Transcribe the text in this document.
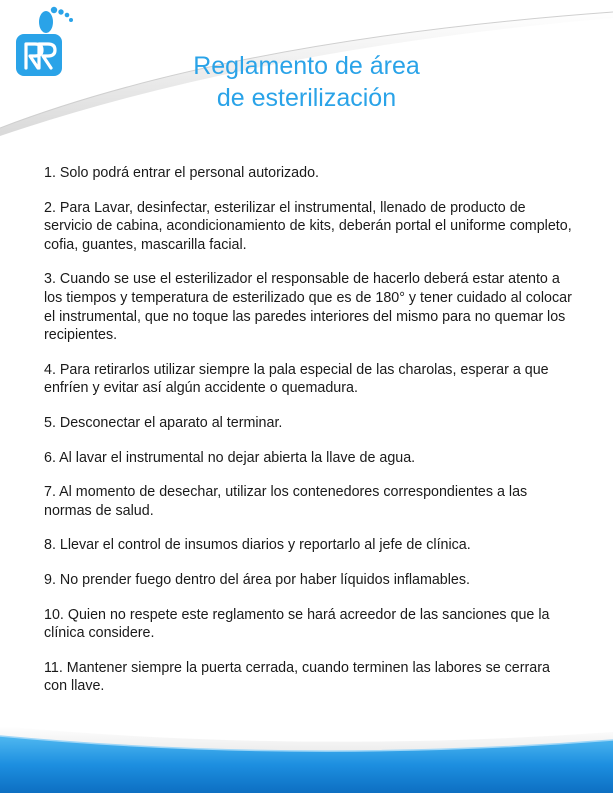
Reglamento de área
de esterilización
1. Solo podrá entrar el personal autorizado.
2. Para Lavar, desinfectar, esterilizar el instrumental, llenado de producto de servicio de cabina, acondicionamiento de kits, deberán portal el uniforme completo, cofia, guantes, mascarilla facial.
3. Cuando se use el esterilizador el responsable de hacerlo deberá estar atento a los tiempos y temperatura de esterilizado que es de 180° y tener cuidado al colocar el instrumental, que no toque las paredes interiores del mismo para no quemar los recipientes.
4. Para retirarlos utilizar siempre la pala especial de las charolas, esperar a que enfríen y evitar así algún accidente o quemadura.
5. Desconectar el aparato al terminar.
6. Al lavar el instrumental no dejar abierta la llave de agua.
7. Al momento de desechar, utilizar los contenedores correspondientes a las normas de salud.
8. Llevar el control de insumos diarios y reportarlo al jefe de clínica.
9. No prender fuego dentro del área por haber líquidos inflamables.
10. Quien no respete este reglamento se hará acreedor de las sanciones que la clínica considere.
11. Mantener siempre la puerta cerrada, cuando terminen las labores se cerrara con llave.
